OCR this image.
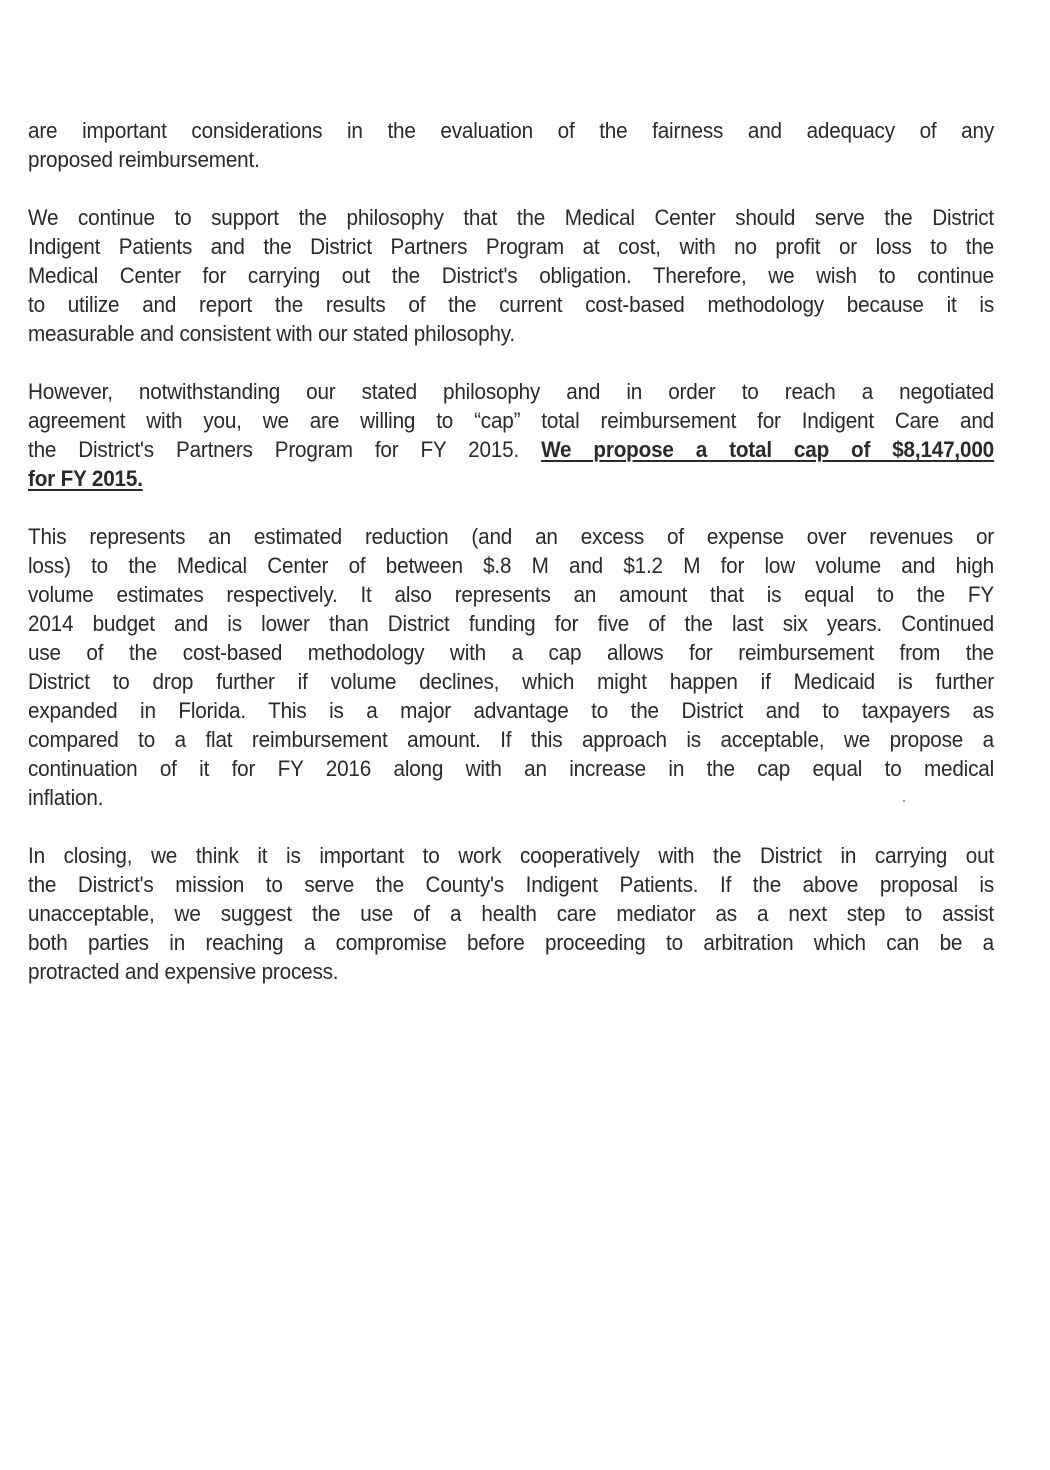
are important considerations in the evaluation of the fairness and adequacy of any
proposed reimbursement.
We continue to support the philosophy that the Medical Center should serve the District
Indigent Patients and the District Partners Program at cost, with no profit or loss to the
Medical Center for carrying out the District's obligation. Therefore, we wish to continue
to utilize and report the results of the current cost-based methodology because it is
measurable and consistent with our stated philosophy.
However, notwithstanding our stated philosophy and in order to reach a negotiated
agreement with you, we are willing to “cap” total reimbursement for Indigent Care and
the District's Partners Program for FY 2015. We propose a total cap of $8,147,000
for FY 2015.
This represents an estimated reduction (and an excess of expense over revenues or
loss) to the Medical Center of between $.8 M and $1.2 M for low volume and high
volume estimates respectively. It also represents an amount that is equal to the FY
2014 budget and is lower than District funding for five of the last six years. Continued
use of the cost-based methodology with a cap allows for reimbursement from the
District to drop further if volume declines, which might happen if Medicaid is further
expanded in Florida. This is a major advantage to the District and to taxpayers as
compared to a flat reimbursement amount. If this approach is acceptable, we propose a
continuation of it for FY 2016 along with an increase in the cap equal to medical
inflation.
In closing, we think it is important to work cooperatively with the District in carrying out
the District's mission to serve the County's Indigent Patients. If the above proposal is
unacceptable, we suggest the use of a health care mediator as a next step to assist
both parties in reaching a compromise before proceeding to arbitration which can be a
protracted and expensive process.
